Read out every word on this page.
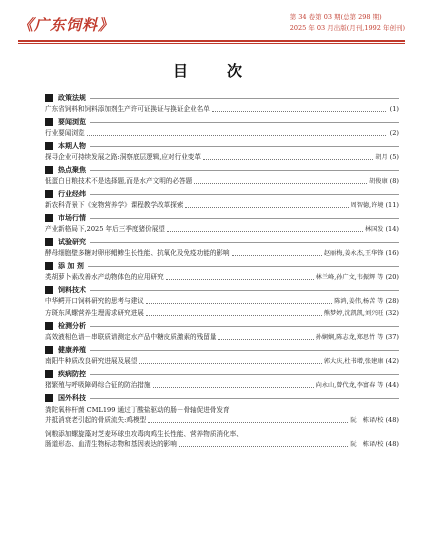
《广东饲料》	第 34 卷第 03 期(总第 298 期)
2025 年 03 月出版(月刊,1992 年创刊)
目　次
政策法规
广东省饲料和饲料添加剂生产许可证换证与换证企业名单	(1)
要闻浏览
行业要闻浏览	(2)
本期人物
探寻企业可持续发展之路:洞察底层逻辑,应对行业变革	胡月 (5)
热点聚焦
低蛋白日粮技术不是选择题,而是水产文明的必答题	胡俊康 (8)
行业经纬
新农科背景下《宠物营养学》课程教学改革探索	周智德,许境 (11)
市场行情
产业新格局下,2025 年后三季度猪价展望	林国发 (14)
试验研究
酵母细胞壁多糖对卵形鲳鲹生长性能、抗氧化及免疫功能的影响	赵丽梅,姜永杰,王华锋 (16)
添 加 剂
类胡萝卜素改善水产动物体色的应用研究	林兰峰,孙广文,韦振辉 等 (20)
饲料技术
中华鳄开口饲料研究的思考与建议	陈鸿,姜伟,杨苦 等 (28)
方斑东风螺营养生理需求研究进展	熊梦婷,沈凯凯,刘兴旺 (32)
检测分析
高效液相色谱－串联质谱测定水产品中糖皮质激素的残留量	孙娴娴,陈志龙,郑思竹 等 (37)
健康养殖
南阳牛种质改良研究进展及展望	郭大庆,杜书增,张建康 (42)
疾病防控
猪繁殖与呼吸障碍综合征的防治措施	向永山,曾代龙,李富春 等 (44)
国外科技
粪陀氧梓杆菌 CML199 通过丁酸盐驱动的肠－骨轴促进骨发育
并抵消衰老引起的骨质流失:鸡模型	阮　栋译/校 (48)
饲粮添加螺旋藻对芝麦环球虫攻毒肉鸡生长性能、营养物质消化率、
肠道形态、血清生物标志物和基因表达的影响	阮　栋译/校 (48)
